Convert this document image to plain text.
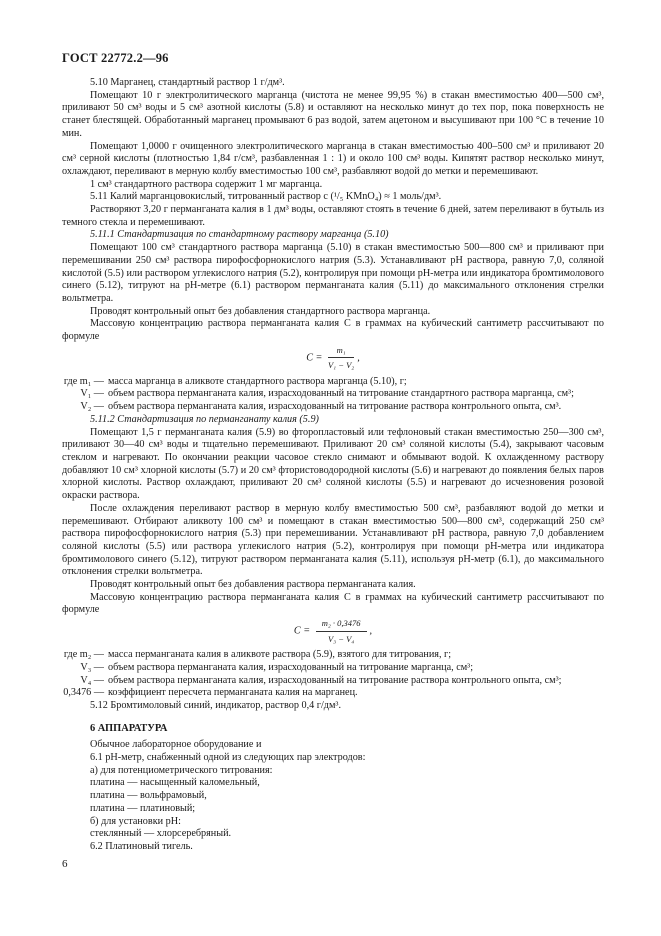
ГОСТ 22772.2—96

5.10 Марганец, стандартный раствор 1 г/дм³.

Помещают 10 г электролитического марганца (чистота не менее 99,95 %) в стакан вместимостью 400—500 см³, приливают 50 см³ воды и 5 см³ азотной кислоты (5.8) и оставляют на несколько минут до тех пор, пока поверхность не станет блестящей. Обработанный марганец промывают 6 раз водой, затем ацетоном и высушивают при 100 °С в течение 10 мин.

Помещают 1,0000 г очищенного электролитического марганца в стакан вместимостью 400–500 см³ и приливают 20 см³ серной кислоты (плотностью 1,84 г/см³, разбавленная 1 : 1) и около 100 см³ воды. Кипятят раствор несколько минут, охлаждают, переливают в мерную колбу вместимостью 100 см³, разбавляют водой до метки и перемешивают.

1 см³ стандартного раствора содержит 1 мг марганца.

5.11 Калий марганцовокислый, титрованный раствор c (¹/₅ KMnO₄) ≈ 1 моль/дм³.

Растворяют 3,20 г перманганата калия в 1 дм³ воды, оставляют стоять в течение 6 дней, затем переливают в бутыль из темного стекла и перемешивают.

5.11.1 Стандартизация по стандартному раствору марганца (5.10)

Помещают 100 см³ стандартного раствора марганца (5.10) в стакан вместимостью 500—800 см³ и приливают при перемешивании 250 см³ раствора пирофосфорнокислого натрия (5.3). Устанавливают pH раствора, равную 7,0, соляной кислотой (5.5) или раствором углекислого натрия (5.2), контролируя при помощи pH-метра или индикатора бромтимолового синего (5.12), титруют на pH-метре (6.1) раствором перманганата калия (5.11) до максимального отклонения стрелки вольтметра.

Проводят контрольный опыт без добавления стандартного раствора марганца.

Массовую концентрацию раствора перманганата калия C в граммах на кубический сантиметр рассчитывают по формуле

$C = \frac{\text{m₁}}{\text{V₁ − V₂}}$ ,
где m₁ — масса марганца в аликвоте стандартного раствора марганца (5.10), г;
V₁ — объем раствора перманганата калия, израсходованный на титрование стандартного раствора марганца, см³;
V₂ — объем раствора перманганата калия, израсходованный на титрование раствора контрольного опыта, см³.

5.11.2 Стандартизация по перманганату калия (5.9)

Помещают 1,5 г перманганата калия (5.9) во фторопластовый или тефлоновый стакан вместимостью 250—300 см³, приливают 30—40 см³ воды и тщательно перемешивают. Приливают 20 см³ соляной кислоты (5.4), закрывают часовым стеклом и нагревают. По окончании реакции часовое стекло снимают и обмывают водой. К охлажденному раствору добавляют 10 см³ хлорной кислоты (5.7) и 20 см³ фтористоводородной кислоты (5.6) и нагревают до появления белых паров хлорной кислоты. Раствор охлаждают, приливают 20 см³ соляной кислоты (5.5) и нагревают до исчезновения розовой окраски раствора.

После охлаждения переливают раствор в мерную колбу вместимостью 500 см³, разбавляют водой до метки и перемешивают. Отбирают аликвоту 100 см³ и помещают в стакан вместимостью 500—800 см³, содержащий 250 см³ раствора пирофосфорнокислого натрия (5.3) при перемешивании. Устанавливают pH раствора, равную 7,0 добавлением соляной кислоты (5.5) или раствора углекислого натрия (5.2), контролируя при помощи pH-метра или индикатора бромтимолового синего (5.12), титруют раствором перманганата калия (5.11), используя pH-метр (6.1), до максимального отклонения стрелки вольтметра.

Проводят контрольный опыт без добавления раствора перманганата калия.

Массовую концентрацию раствора перманганата калия C в граммах на кубический сантиметр рассчитывают по формуле

$C = \frac{\text{m₂ · 0,3476}}{\text{V₃ − V₄}}$ ,
где m₂ — масса перманганата калия в аликвоте раствора (5.9), взятого для титрования, г;
V₃ — объем раствора перманганата калия, израсходованный на титрование марганца, см³;
V₄ — объем раствора перманганата калия, израсходованный на титрование раствора контрольного опыта, см³;
0,3476 — коэффициент пересчета перманганата калия на марганец.

5.12 Бромтимоловый синий, индикатор, раствор 0,4 г/дм³.

6 АППАРАТУРА

Обычное лабораторное оборудование и

6.1 pH-метр, снабженный одной из следующих пар электродов:

а) для потенциометрического титрования:

платина — насыщенный каломельный,

платина — вольфрамовый,

платина — платиновый;

б) для установки pH:

стеклянный — хлорсеребряный.

6.2 Платиновый тигель.

6
